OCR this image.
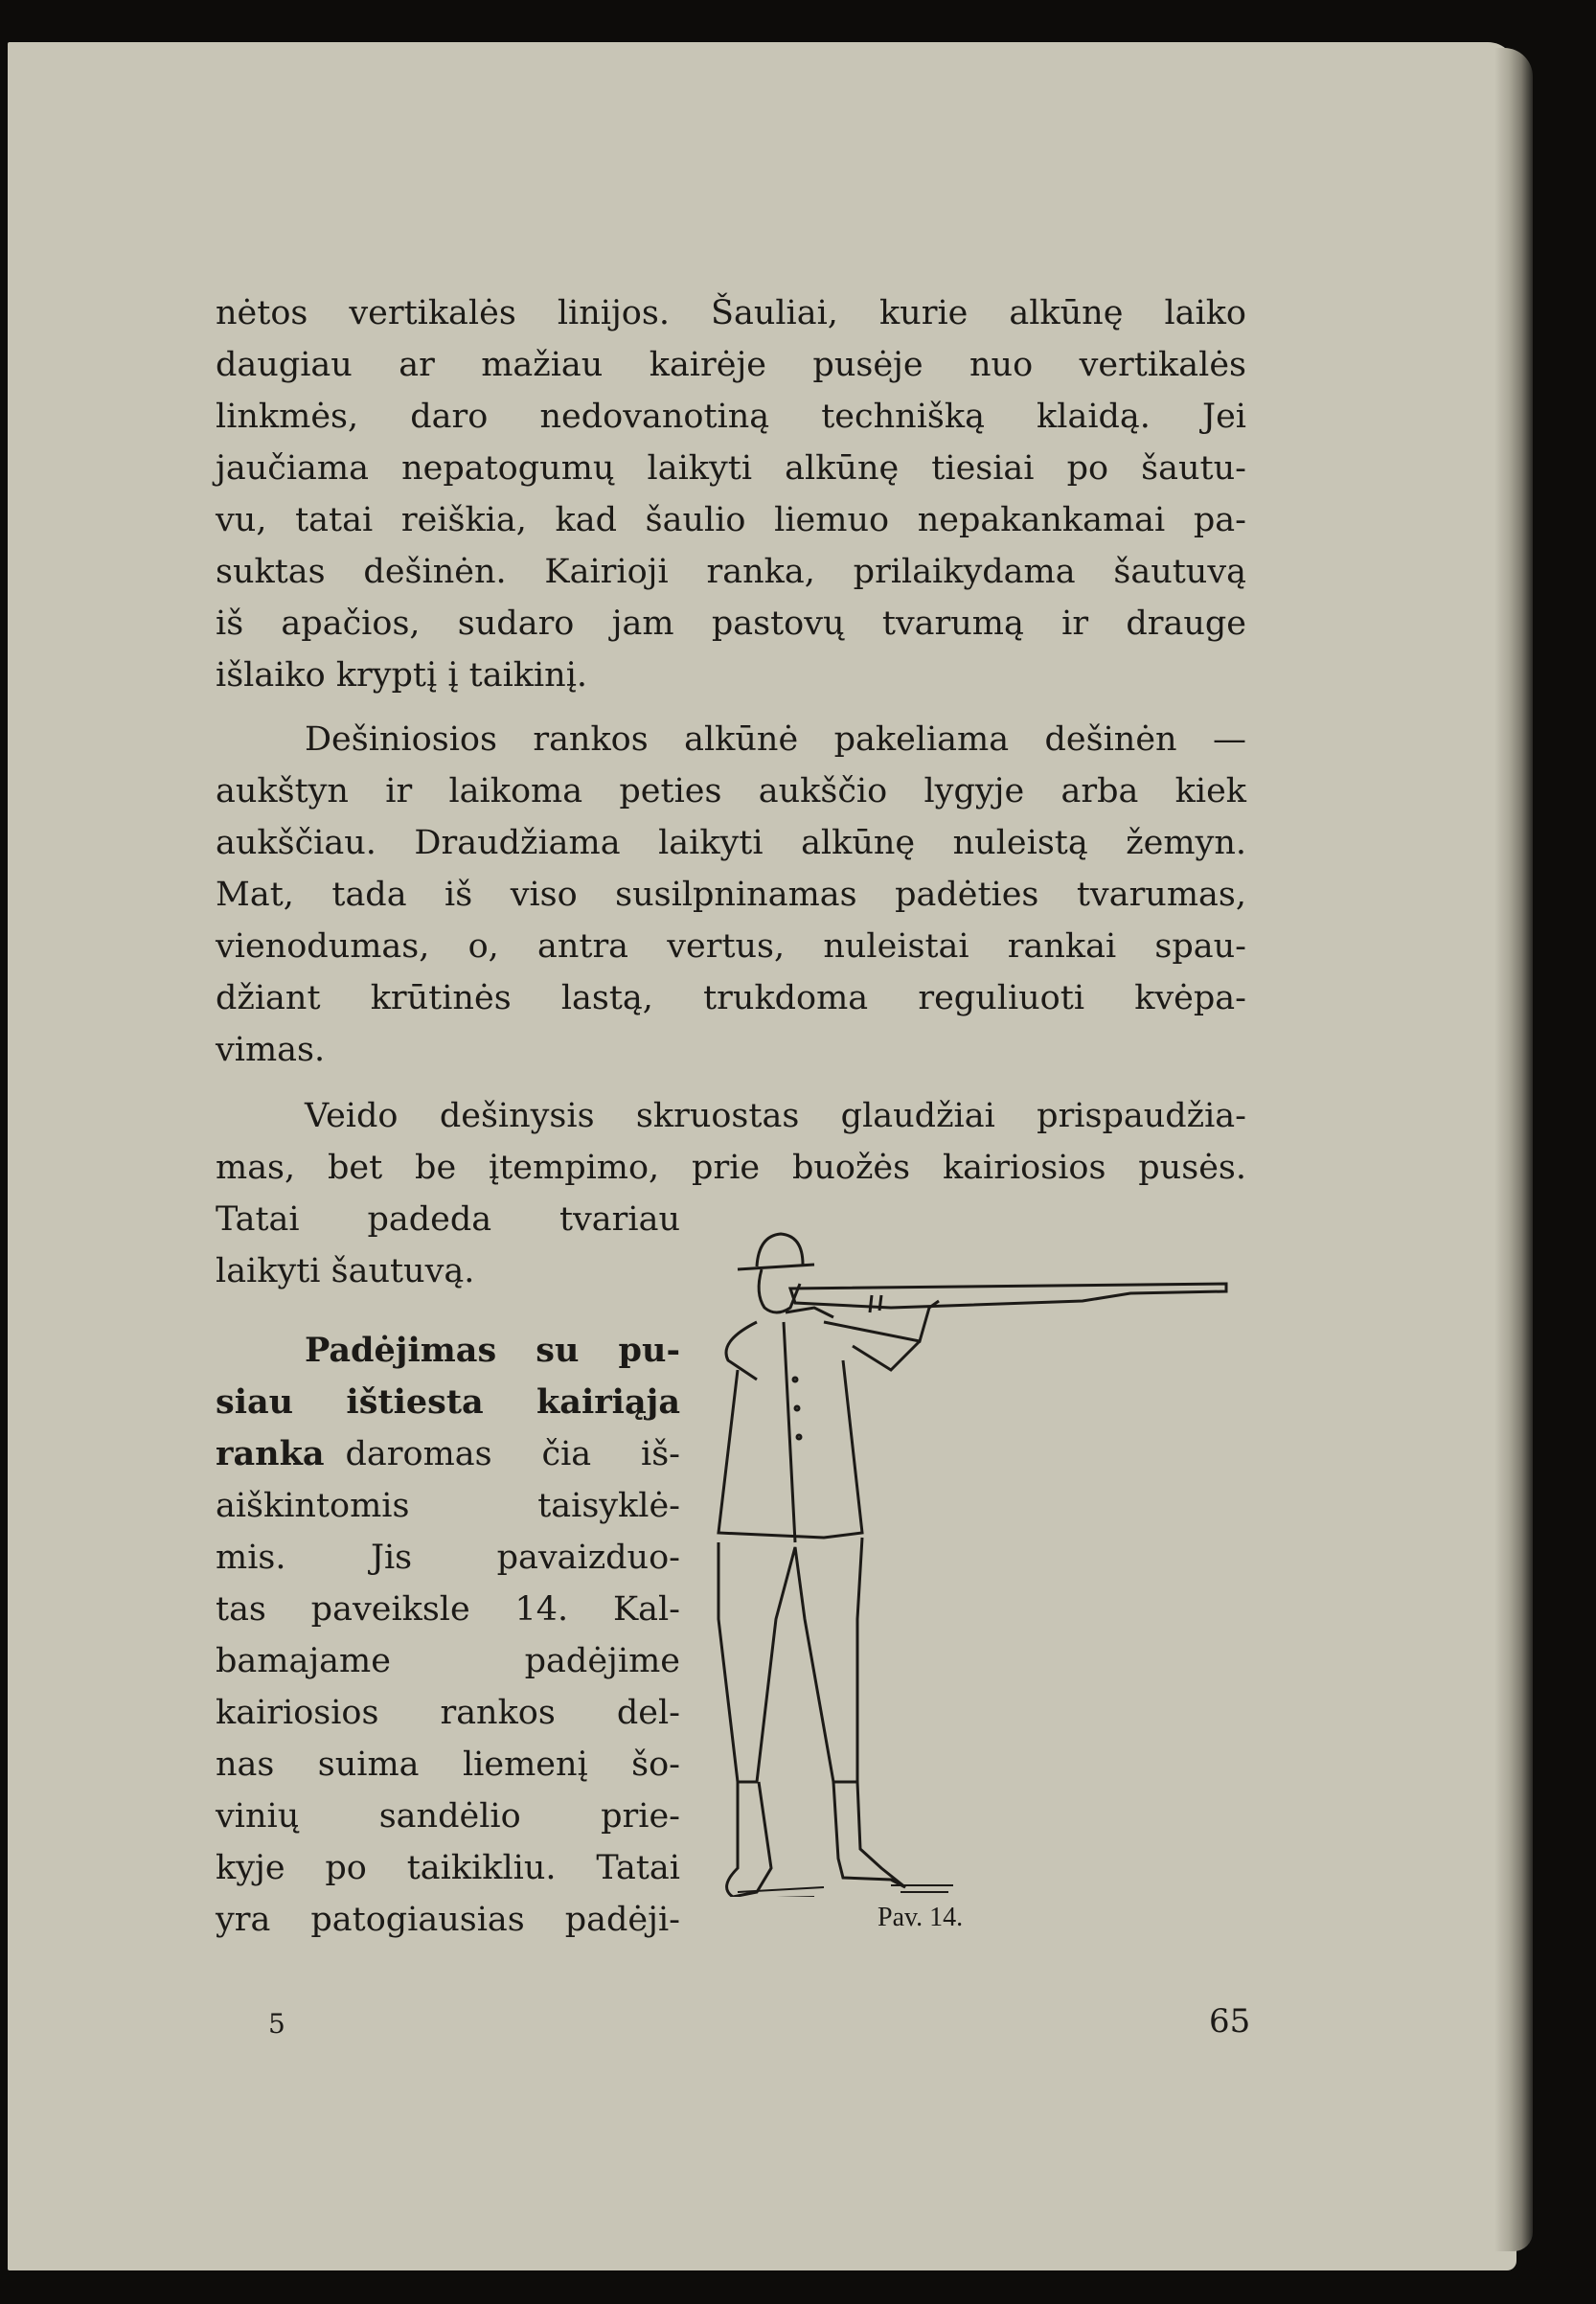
nėtos vertikalės linijos. Šauliai, kurie alkūnę laiko
daugiau ar mažiau kairėje pusėje nuo vertikalės
linkmės, daro nedovanotiną technišką klaidą. Jei
jaučiama nepatogumų laikyti alkūnę tiesiai po šautu-
vu, tatai reiškia, kad šaulio liemuo nepakankamai pa-
suktas dešinėn. Kairioji ranka, prilaikydama šautuvą
iš apačios, sudaro jam pastovų tvarumą ir drauge
išlaiko kryptį į taikinį.
Dešiniosios rankos alkūnė pakeliama dešinėn —
aukštyn ir laikoma peties aukščio lygyje arba kiek
aukščiau. Draudžiama laikyti alkūnę nuleistą žemyn.
Mat, tada iš viso susilpninamas padėties tvarumas,
vienodumas, o, antra vertus, nuleistai rankai spau-
džiant krūtinės lastą, trukdoma reguliuoti kvėpa-
vimas.
Veido dešinysis skruostas glaudžiai prispaudžia-
mas, bet be įtempimo, prie buožės kairiosios pusės.
Tatai padeda tvariau
laikyti šautuvą.
Padėjimas su pu-
siau ištiesta kairiąja
ranka daromas čia iš-
aiškintomis taisyklė-
mis. Jis pavaizduo-
tas paveiksle 14. Kal-
bamajame padėjime
kairiosios rankos del-
nas suima liemenį šo-
vinių sandėlio prie-
kyje po taikikliu. Tatai
yra patogiausias padėji-	Pav. 14.
5	65
